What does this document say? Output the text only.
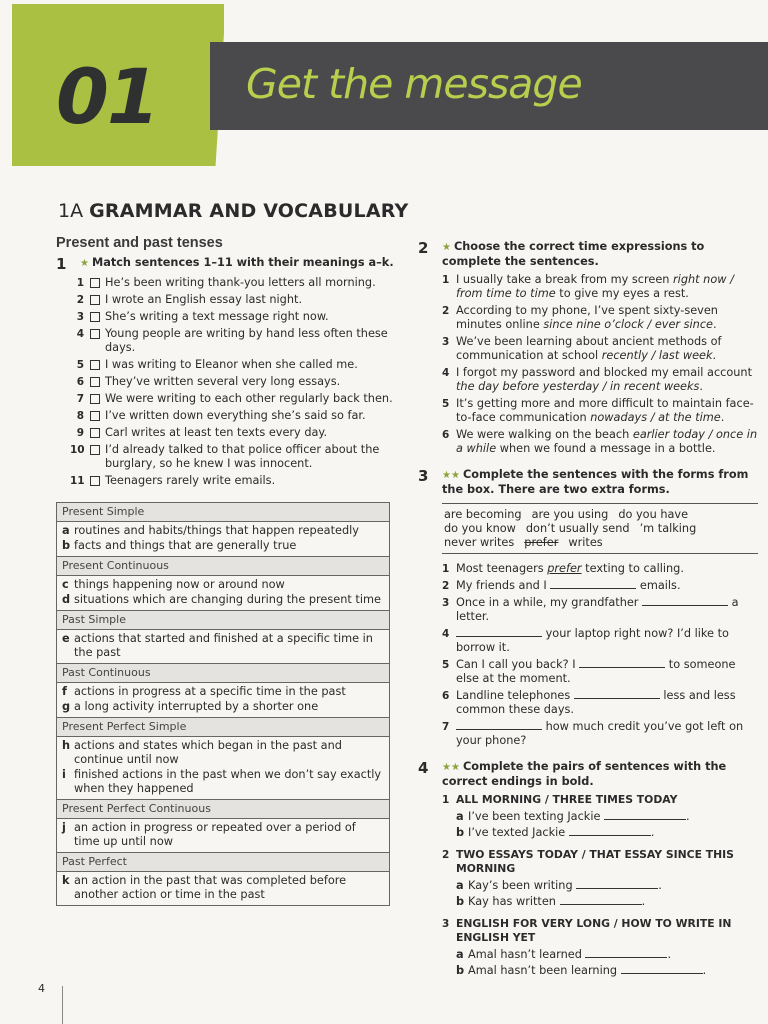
01 Get the message
1A GRAMMAR AND VOCABULARY
Present and past tenses
1	★ Match sentences 1–11 with their meanings a–k.
1	He’s been writing thank-you letters all morning.
2	I wrote an English essay last night.
3	She’s writing a text message right now.
4	Young people are writing by hand less often these days.
5	I was writing to Eleanor when she called me.
6	They’ve written several very long essays.
7	We were writing to each other regularly back then.
8	I’ve written down everything she’s said so far.
9	Carl writes at least ten texts every day.
10 I’d already talked to that police officer about the burglary, so he knew I was innocent.
11 Teenagers rarely write emails.
Present Simple
a routines and habits/things that happen repeatedly
b facts and things that are generally true
Present Continuous
c things happening now or around now
d situations which are changing during the present time
Past Simple
e actions that started and finished at a specific time in the past
Past Continuous
f actions in progress at a specific time in the past
g a long activity interrupted by a shorter one
Present Perfect Simple
h actions and states which began in the past and continue until now
i finished actions in the past when we don’t say exactly when they happened
Present Perfect Continuous
j an action in progress or repeated over a period of time up until now
Past Perfect
k an action in the past that was completed before another action or time in the past
2	★ Choose the correct time expressions to complete the sentences.
1 I usually take a break from my screen right now / from time to time to give my eyes a rest.
2 According to my phone, I’ve spent sixty-seven minutes online since nine o’clock / ever since.
3 We’ve been learning about ancient methods of communication at school recently / last week.
4 I forgot my password and blocked my email account the day before yesterday / in recent weeks.
5 It’s getting more and more difficult to maintain face-to-face communication nowadays / at the time.
6 We were walking on the beach earlier today / once in a while when we found a message in a bottle.
3	★★ Complete the sentences with the forms from the box. There are two extra forms.
are becoming are you using do you have
do you know don’t usually send ’m talking
never writes prefer writes
1 Most teenagers prefer texting to calling.
2 My friends and I	emails.
3 Once in a while, my grandfather	a letter.
4	your laptop right now? I’d like to borrow it.
5 Can I call you back? I	to someone else at the moment.
6 Landline telephones	less and less common these days.
7	how much credit you’ve got left on your phone?
4	★★ Complete the pairs of sentences with the correct endings in bold.
1 ALL MORNING / THREE TIMES TODAY
a I’ve been texting Jackie	.
b I’ve texted Jackie	.
2 TWO ESSAYS TODAY / THAT ESSAY SINCE THIS MORNING
a Kay’s been writing	.
b Kay has written	.
3 ENGLISH FOR VERY LONG / HOW TO WRITE IN ENGLISH YET
a Amal hasn’t learned	.
b Amal hasn’t been learning	.
4
